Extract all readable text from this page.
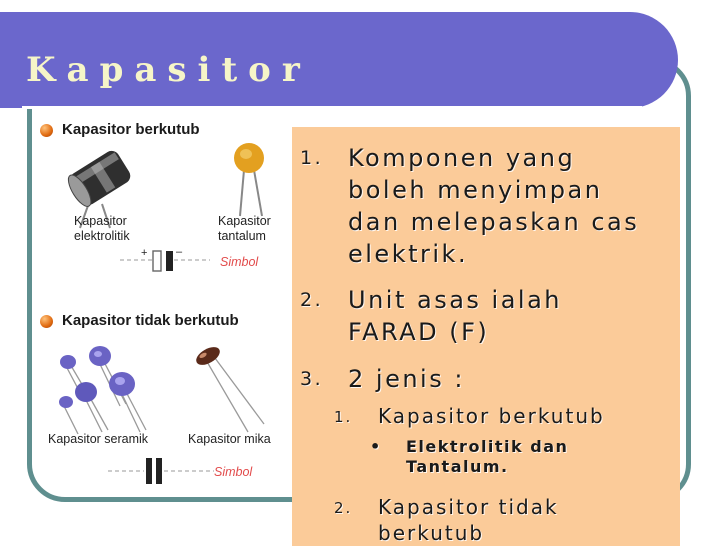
Kapasitor
Kapasitor berkutub
Kapasitor
elektrolitik
Kapasitor
tantalum
+	–
Simbol
Kapasitor tidak berkutub
Kapasitor seramik	Kapasitor mika
Simbol
1. Komponen yang
boleh menyimpan
dan melepaskan cas
elektrik.
2. Unit asas ialah
FARAD (F)
3. 2 jenis :
1. Kapasitor berkutub
• Elektrolitik dan
Tantalum.
2. Kapasitor tidak
berkutub
